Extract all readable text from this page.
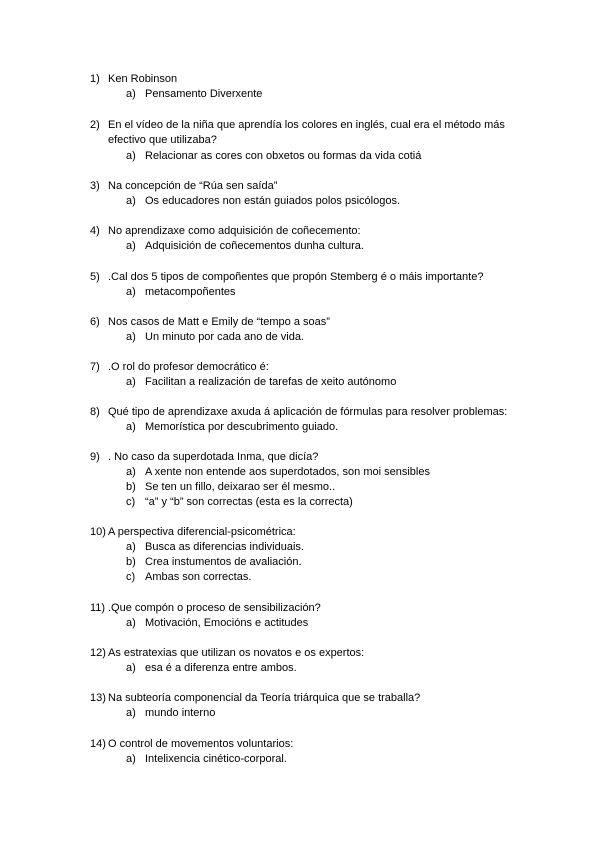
1) Ken Robinson
a) Pensamento Diverxente
2) En el vídeo de la niña que aprendía los colores en inglés, cual era el método más efectivo que utilizaba?
a) Relacionar as cores con obxetos ou formas da vida cotiá
3) Na concepción de “Rúa sen saída”
a) Os educadores non están guiados polos psicólogos.
4) No aprendizaxe como adquisición de coñecemento:
a) Adquisición de coñecementos dunha cultura.
5) .Cal dos 5 tipos de compoñentes que propón Stemberg é o máis importante?
a) metacompoñentes
6) Nos casos de Matt e Emily de “tempo a soas”
a) Un minuto por cada ano de vida.
7) .O rol do profesor democrático é:
a) Facilitan a realización de tarefas de xeito autónomo
8) Qué tipo de aprendizaxe axuda á aplicación de fórmulas para resolver problemas:
a) Memorística por descubrimento guiado.
9) . No caso da superdotada Inma, que dicía?
a) A xente non entende aos superdotados, son moi sensibles
b) Se ten un fillo, deixarao ser él mesmo..
c) “a” y “b” son correctas (esta es la correcta)
10) A perspectiva diferencial-psicométrica:
a) Busca as diferencias individuais.
b) Crea instumentos de avaliación.
c) Ambas son correctas.
11) .Que compón o proceso de sensibilización?
a) Motivación, Emocións e actitudes
12) As estratexias que utilizan os novatos e os expertos:
a) esa é a diferenza entre ambos.
13) Na subteoría componencial da Teoría triárquica que se traballa?
a) mundo interno
14) O control de movementos voluntarios:
a) Intelixencia cinético-corporal.
